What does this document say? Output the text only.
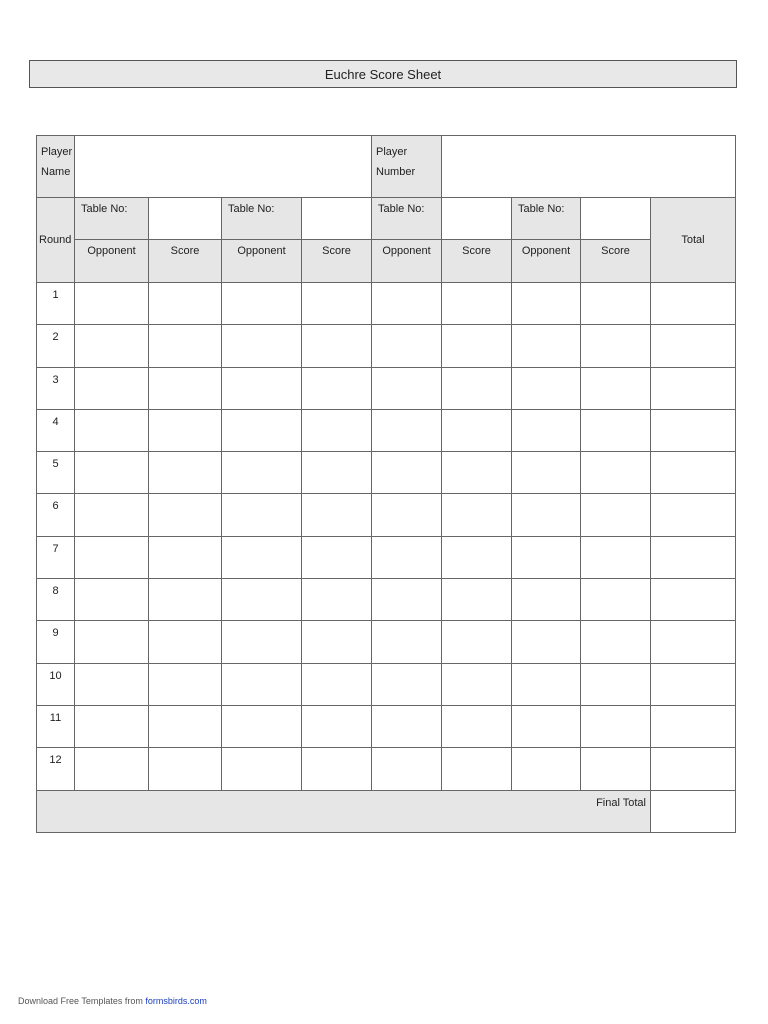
Euchre Score Sheet
Player Name					Player Number				

Round	Table No:		Table No:		Table No:		Table No:		Total
	Opponent	Score	Opponent	Score	Opponent	Score	Opponent	Score	
1									
2									
3									
4									
5									
6									
7									
8									
9									
10									
11									
12									
Final Total									
Download Free Templates from formsbirds.com
